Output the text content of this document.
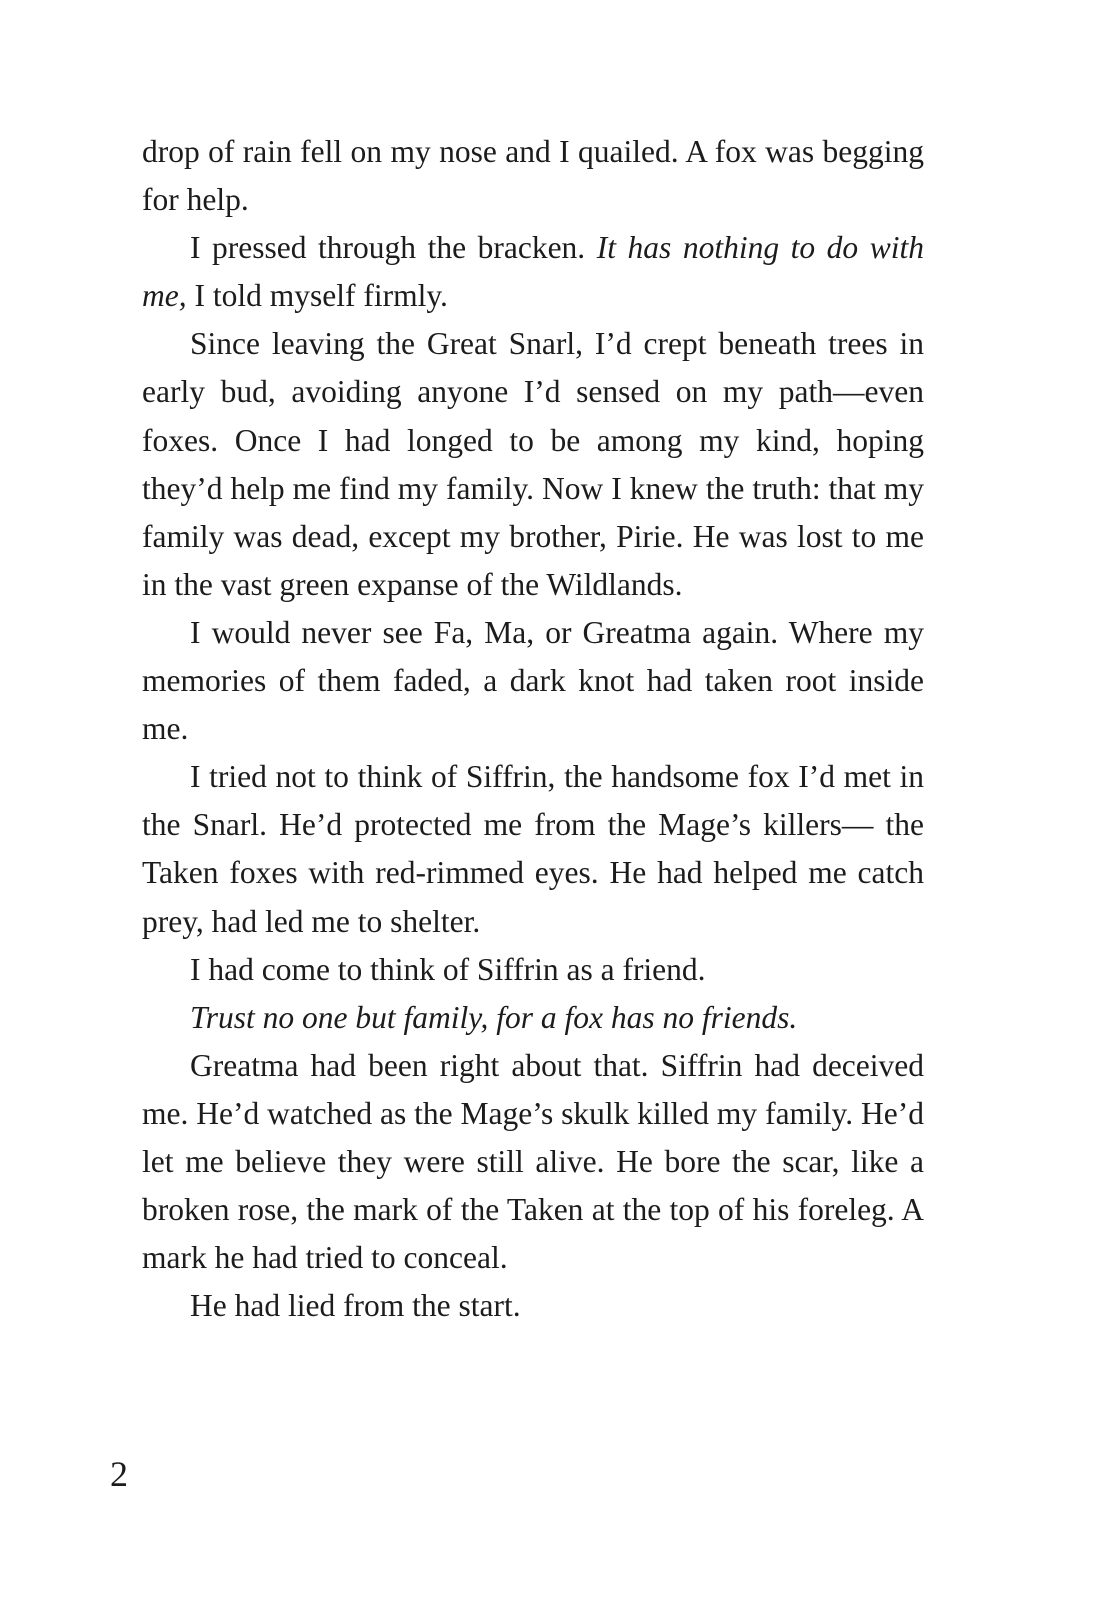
drop of rain fell on my nose and I quailed. A fox was begging for help.

I pressed through the bracken. It has nothing to do with me, I told myself firmly.

Since leaving the Great Snarl, I’d crept beneath trees in early bud, avoiding anyone I’d sensed on my path—even foxes. Once I had longed to be among my kind, hoping they’d help me find my family. Now I knew the truth: that my family was dead, except my brother, Pirie. He was lost to me in the vast green expanse of the Wildlands.

I would never see Fa, Ma, or Greatma again. Where my memories of them faded, a dark knot had taken root inside me.

I tried not to think of Siffrin, the handsome fox I’d met in the Snarl. He’d protected me from the Mage’s killers— the Taken foxes with red-rimmed eyes. He had helped me catch prey, had led me to shelter.

I had come to think of Siffrin as a friend.

Trust no one but family, for a fox has no friends.

Greatma had been right about that. Siffrin had deceived me. He’d watched as the Mage’s skulk killed my family. He’d let me believe they were still alive. He bore the scar, like a broken rose, the mark of the Taken at the top of his foreleg. A mark he had tried to conceal.

He had lied from the start.

2
